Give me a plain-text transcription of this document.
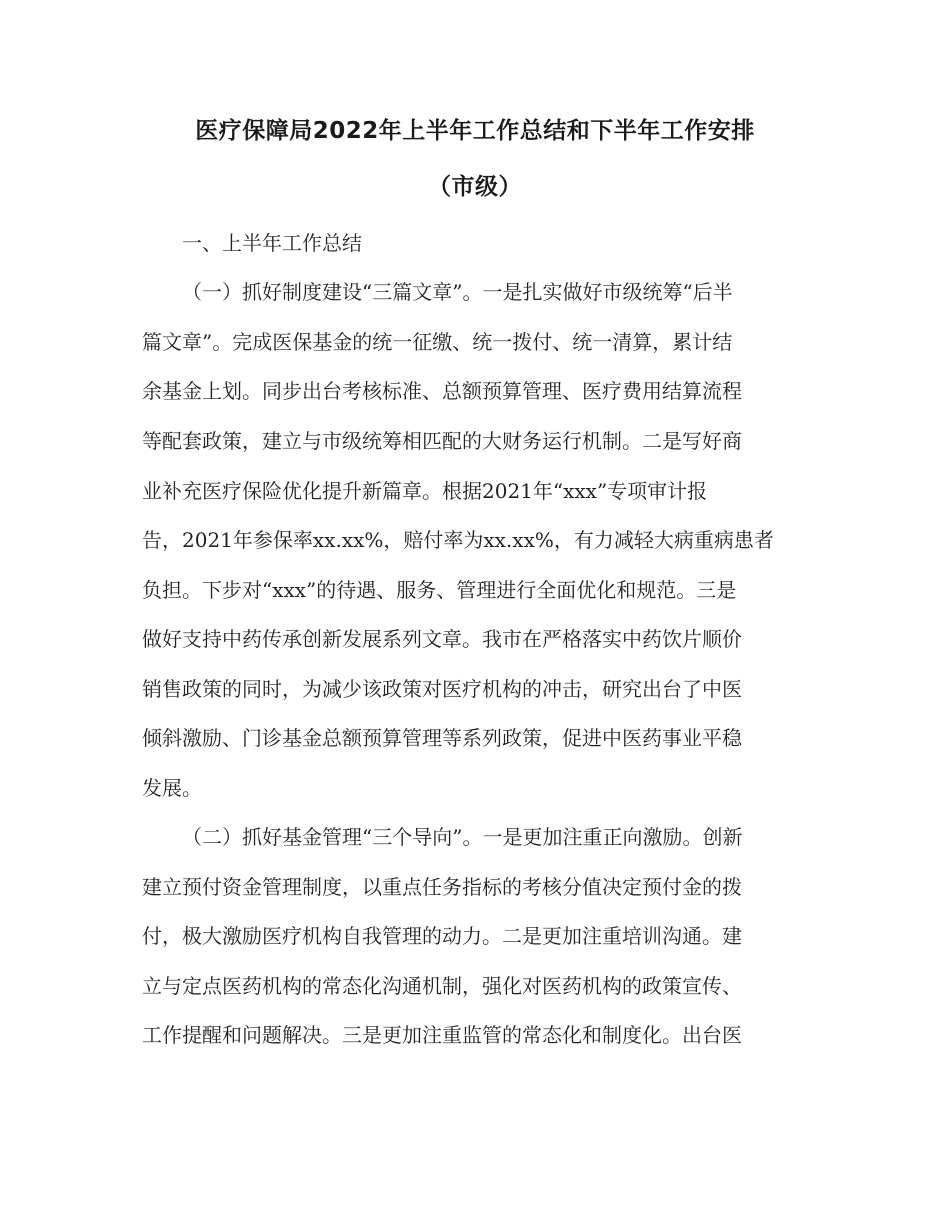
医疗保障局2022年上半年工作总结和下半年工作安排
（市级）

一、上半年工作总结

（一）抓好制度建设“三篇文章”。一是扎实做好市级统筹“后半

篇文章”。完成医保基金的统一征缴、统一拨付、统一清算，累计结

余基金上划。同步出台考核标准、总额预算管理、医疗费用结算流程

等配套政策，建立与市级统筹相匹配的大财务运行机制。二是写好商

业补充医疗保险优化提升新篇章。根据2021年“xxx”专项审计报

告，2021年参保率xx.xx%，赔付率为xx.xx%，有力减轻大病重病患者

负担。下步对“xxx”的待遇、服务、管理进行全面优化和规范。三是

做好支持中药传承创新发展系列文章。我市在严格落实中药饮片顺价

销售政策的同时，为减少该政策对医疗机构的冲击，研究出台了中医

倾斜激励、门诊基金总额预算管理等系列政策，促进中医药事业平稳

发展。

（二）抓好基金管理“三个导向”。一是更加注重正向激励。创新

建立预付资金管理制度，以重点任务指标的考核分值决定预付金的拨

付，极大激励医疗机构自我管理的动力。二是更加注重培训沟通。建

立与定点医药机构的常态化沟通机制，强化对医药机构的政策宣传、

工作提醒和问题解决。三是更加注重监管的常态化和制度化。出台医
